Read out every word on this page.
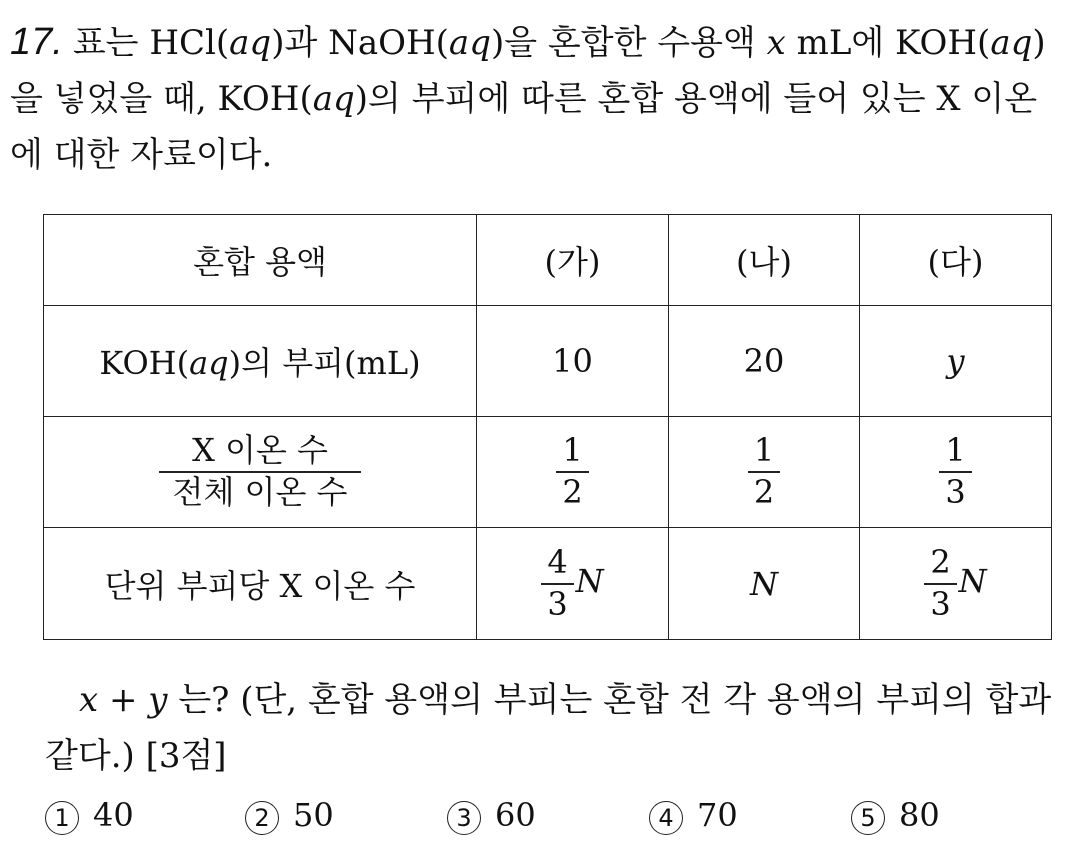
17. 표는 HCl(aq)과 NaOH(aq)을 혼합한 수용액 x mL에 KOH(aq)을 넣었을 때, KOH(aq)의 부피에 따른 혼합 용액에 들어 있는 X 이온에 대한 자료이다.
혼합 용액	(가)	(나)	(다)
KOH(aq)의 부피(mL)	10	20	y

$\frac{\text{X 이온 수}}{\text{전체 이온 수}}$	$\frac{1}{2}$	$\frac{1}{2}$	$\frac{1}{3}$

단위 부피당 X 이온 수	$\frac{4}{3}$ N	N	$\frac{2}{3}$ N
x + y 는? (단, 혼합 용액의 부피는 혼합 전 각 용액의 부피의 합과 같다.) [3점]
1 40	2 50	3 60	4 70	5 80
